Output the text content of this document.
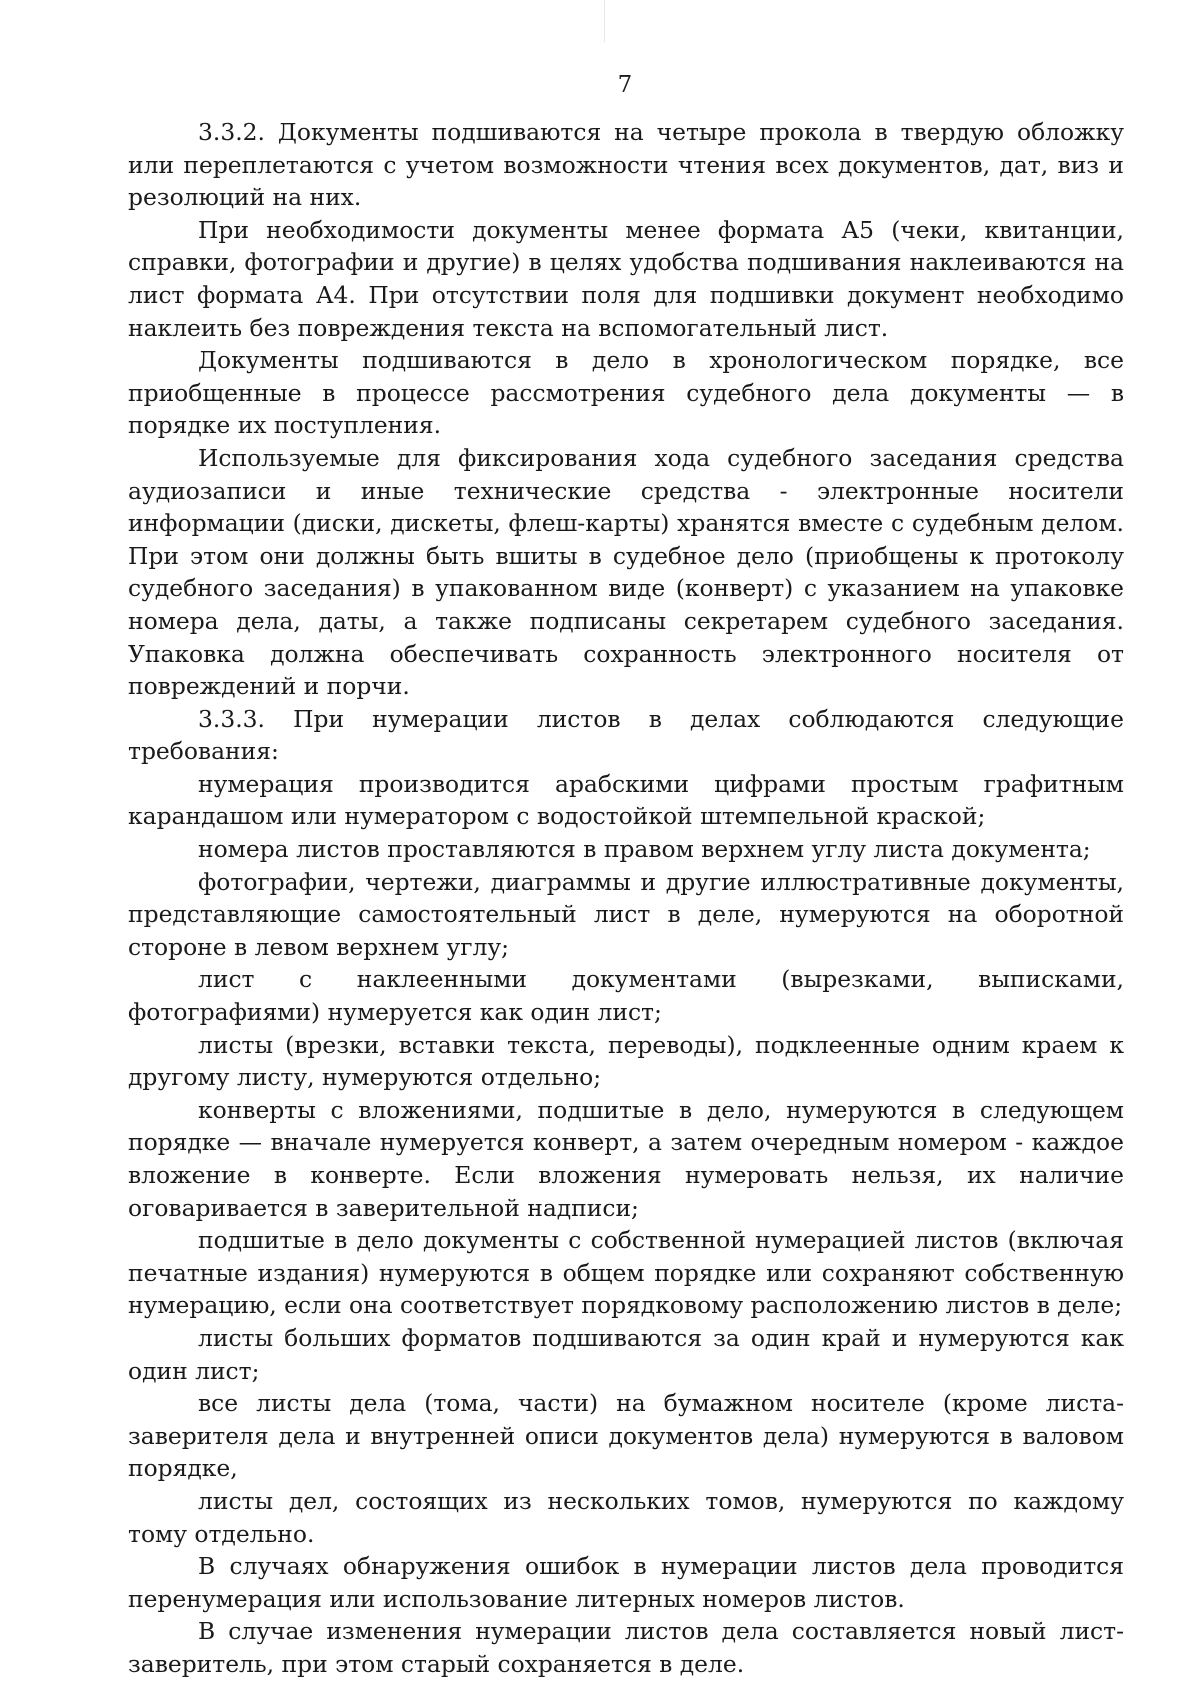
7

3.3.2. Документы подшиваются на четыре прокола в твердую обложку или переплетаются с учетом возможности чтения всех документов, дат, виз и резолюций на них.

При необходимости документы менее формата А5 (чеки, квитанции, справки, фотографии и другие) в целях удобства подшивания наклеиваются на лист формата А4. При отсутствии поля для подшивки документ необходимо наклеить без повреждения текста на вспомогательный лист.

Документы подшиваются в дело в хронологическом порядке, все приобщенные в процессе рассмотрения судебного дела документы — в порядке их поступления.

Используемые для фиксирования хода судебного заседания средства аудиозаписи и иные технические средства - электронные носители информации (диски, дискеты, флеш-карты) хранятся вместе с судебным делом. При этом они должны быть вшиты в судебное дело (приобщены к протоколу судебного заседания) в упакованном виде (конверт) с указанием на упаковке номера дела, даты, а также подписаны секретарем судебного заседания. Упаковка должна обеспечивать сохранность электронного носителя от повреждений и порчи.

3.3.3. При нумерации листов в делах соблюдаются следующие требования:

нумерация производится арабскими цифрами простым графитным карандашом или нумератором с водостойкой штемпельной краской;

номера листов проставляются в правом верхнем углу листа документа;

фотографии, чертежи, диаграммы и другие иллюстративные документы, представляющие самостоятельный лист в деле, нумеруются на оборотной стороне в левом верхнем углу;

лист с наклеенными документами (вырезками, выписками, фотографиями) нумеруется как один лист;

листы (врезки, вставки текста, переводы), подклеенные одним краем к другому листу, нумеруются отдельно;

конверты с вложениями, подшитые в дело, нумеруются в следующем порядке — вначале нумеруется конверт, а затем очередным номером - каждое вложение в конверте. Если вложения нумеровать нельзя, их наличие оговаривается в заверительной надписи;

подшитые в дело документы с собственной нумерацией листов (включая печатные издания) нумеруются в общем порядке или сохраняют собственную нумерацию, если она соответствует порядковому расположению листов в деле;

листы больших форматов подшиваются за один край и нумеруются как один лист;

все листы дела (тома, части) на бумажном носителе (кроме листа-заверителя дела и внутренней описи документов дела) нумеруются в валовом порядке,

листы дел, состоящих из нескольких томов, нумеруются по каждому тому отдельно.

В случаях обнаружения ошибок в нумерации листов дела проводится перенумерация или использование литерных номеров листов.

В случае изменения нумерации листов дела составляется новый лист-заверитель, при этом старый сохраняется в деле.
